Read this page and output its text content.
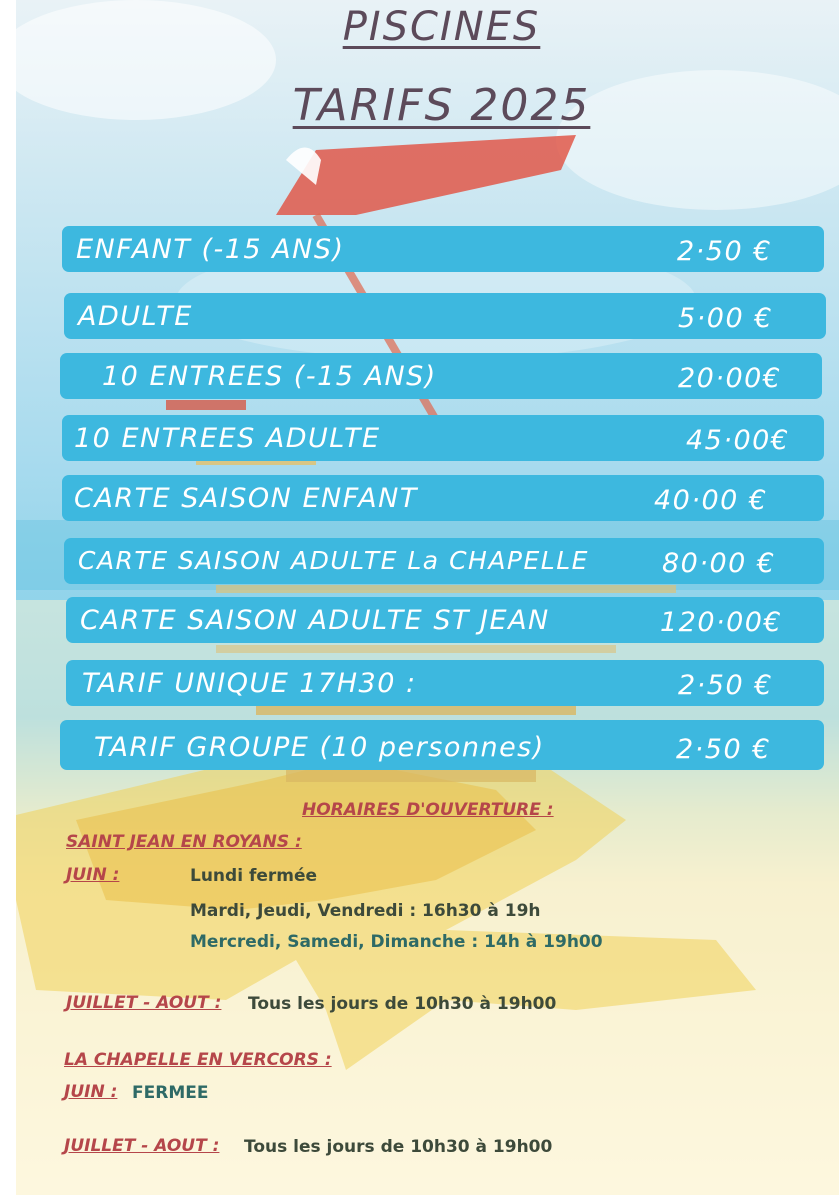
PISCINES
TARIFS 2025
ENFANT (-15 ANS)	2·50 €
ADULTE	5·00 €
10 ENTREES (-15 ANS)	20·00€
10 ENTREES ADULTE	45·00€
CARTE SAISON ENFANT	40·00 €
CARTE SAISON ADULTE La CHAPELLE	80·00 €
CARTE SAISON ADULTE ST JEAN	120·00€
TARIF UNIQUE 17H30 :	2·50 €
TARIF GROUPE (10 personnes)	2·50 €
HORAIRES D'OUVERTURE :
SAINT JEAN EN ROYANS :
JUIN :	Lundi fermée
Mardi, Jeudi, Vendredi : 16h30 à 19h
Mercredi, Samedi, Dimanche : 14h à 19h00
JUILLET - AOUT : Tous les jours de 10h30 à 19h00
LA CHAPELLE EN VERCORS :
JUIN : FERMEE
JUILLET - AOUT : Tous les jours de 10h30 à 19h00
